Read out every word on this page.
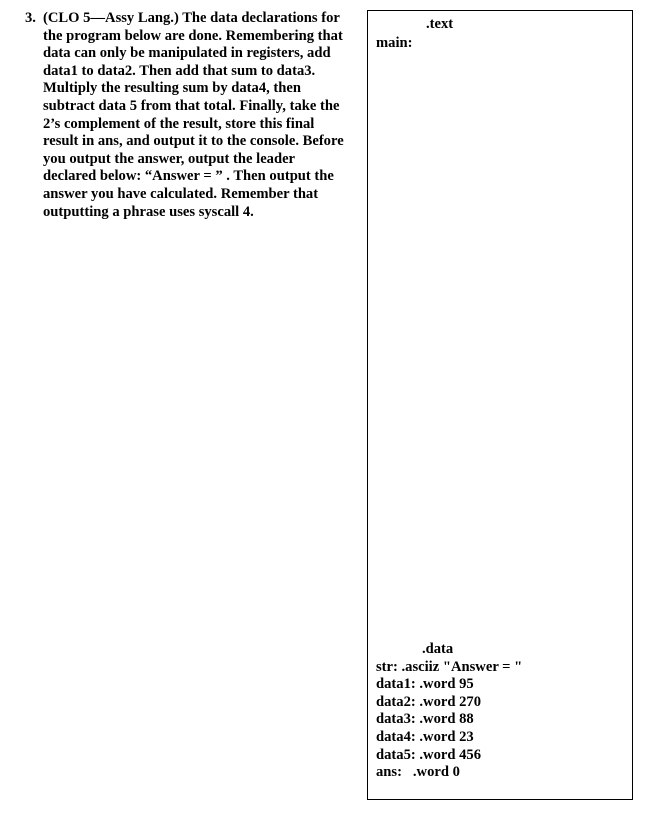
3. (CLO 5—Assy Lang.) The data declarations for
the program below are done. Remembering that
data can only be manipulated in registers, add
data1 to data2. Then add that sum to data3.
Multiply the resulting sum by data4, then
subtract data 5 from that total. Finally, take the
2’s complement of the result, store this final
result in ans, and output it to the console. Before
you output the answer, output the leader
declared below: “Answer = ” . Then output the
answer you have calculated. Remember that
outputting a phrase uses syscall 4.
.text
main:
.data
str: .asciiz "Answer = "
data1: .word 95
data2: .word 270
data3: .word 88
data4: .word 23
data5: .word 456
ans:   .word 0
